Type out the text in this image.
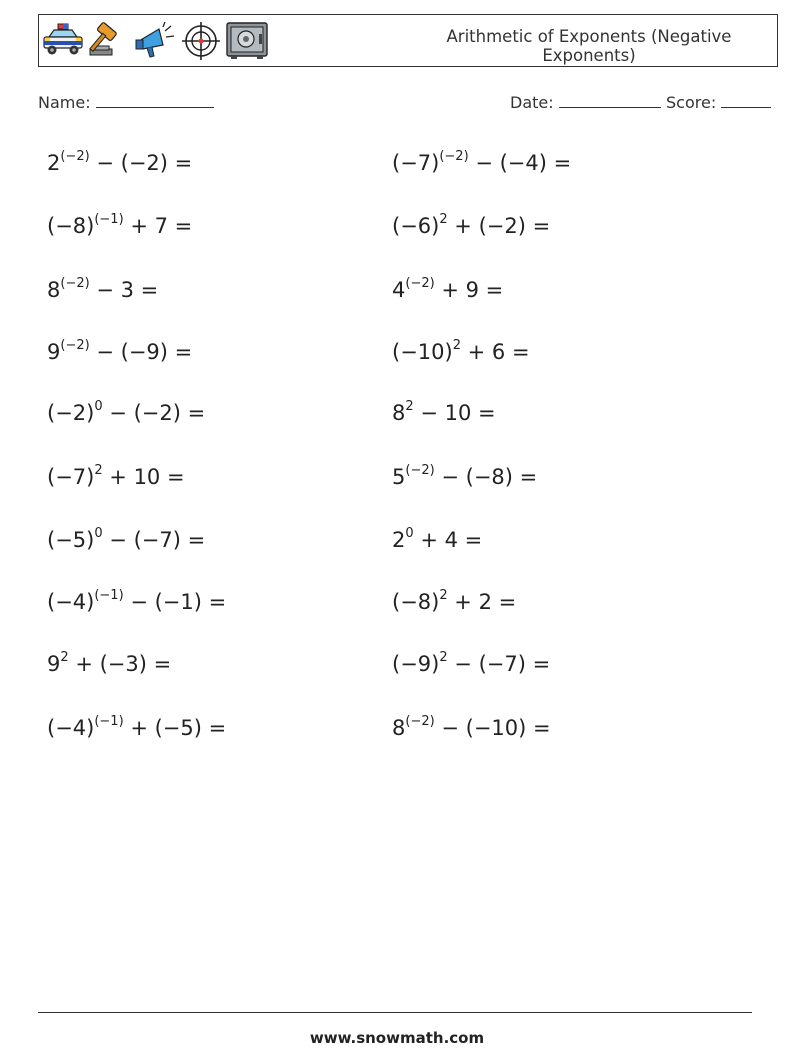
Arithmetic of Exponents (Negative Exponents)
Name:	Date:	Score:
$2^{(-2)} - (-2)$ =
$(-8)^{(-1)} + 7$ =
$8^{(-2)} - 3$ =
$9^{(-2)} - (-9)$ =
$(-2)^0 - (-2)$ =
$(-7)^2 + 10$ =
$(-5)^0 - (-7)$ =
$(-4)^{(-1)} - (-1)$ =
$9^2 + (-3)$ =
$(-4)^{(-1)} + (-5)$ =
$(-7)^{(-2)} - (-4)$ =
$(-6)^2 + (-2)$ =
$4^{(-2)} + 9$ =
$(-10)^2 + 6$ =
$8^2 - 10$ =
$5^{(-2)} - (-8)$ =
$2^0 + 4$ =
$(-8)^2 + 2$ =
$(-9)^2 - (-7)$ =
$8^{(-2)} - (-10)$ =
www.snowmath.com
